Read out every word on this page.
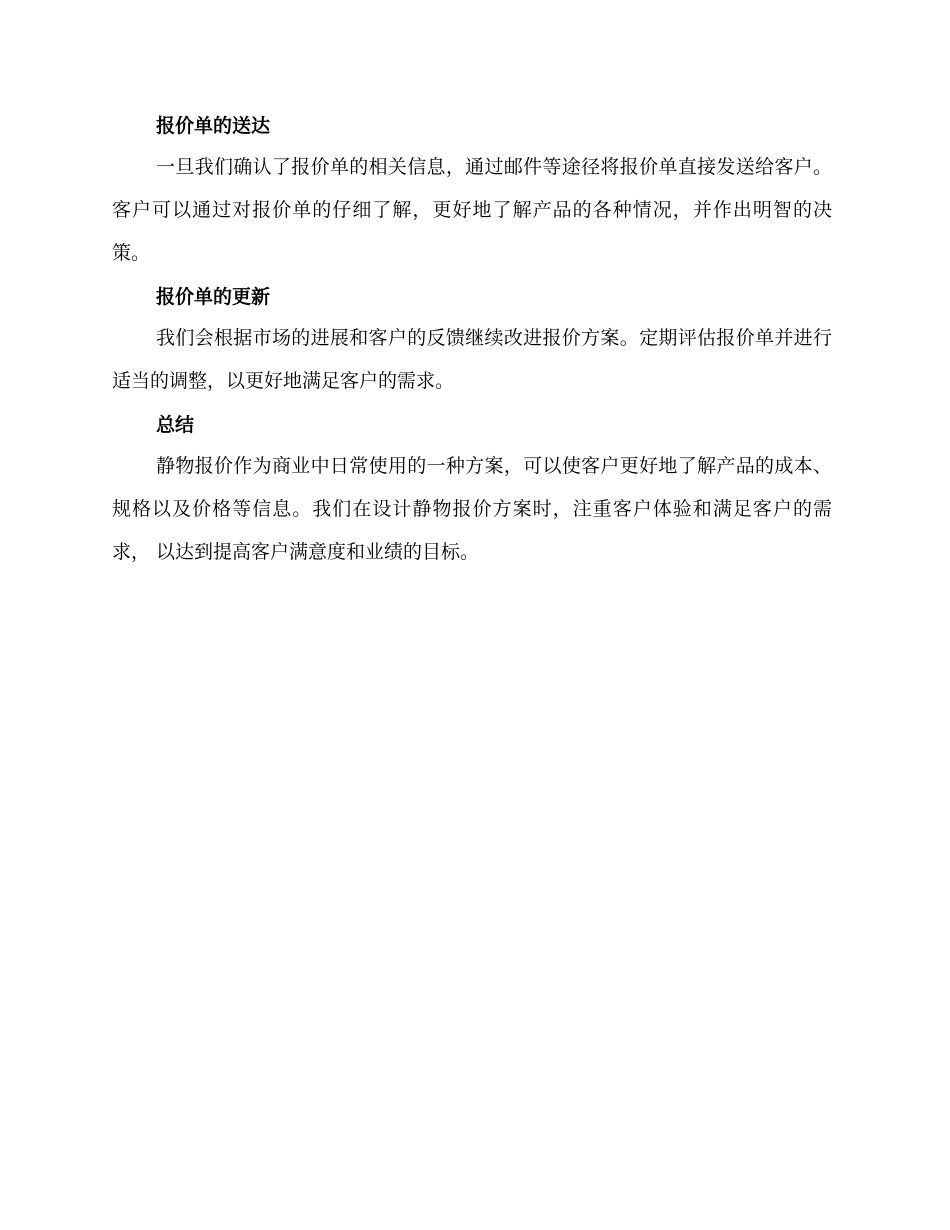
报价单的送达

一旦我们确认了报价单的相关信息，通过邮件等途径将报价单直接发送给客户。客户可以通过对报价单的仔细了解，更好地了解产品的各种情况，并作出明智的决策。

报价单的更新

我们会根据市场的进展和客户的反馈继续改进报价方案。定期评估报价单并进行适当的调整，以更好地满足客户的需求。

总结

静物报价作为商业中日常使用的一种方案，可以使客户更好地了解产品的成本、规格以及价格等信息。我们在设计静物报价方案时，注重客户体验和满足客户的需求， 以达到提高客户满意度和业绩的目标。
